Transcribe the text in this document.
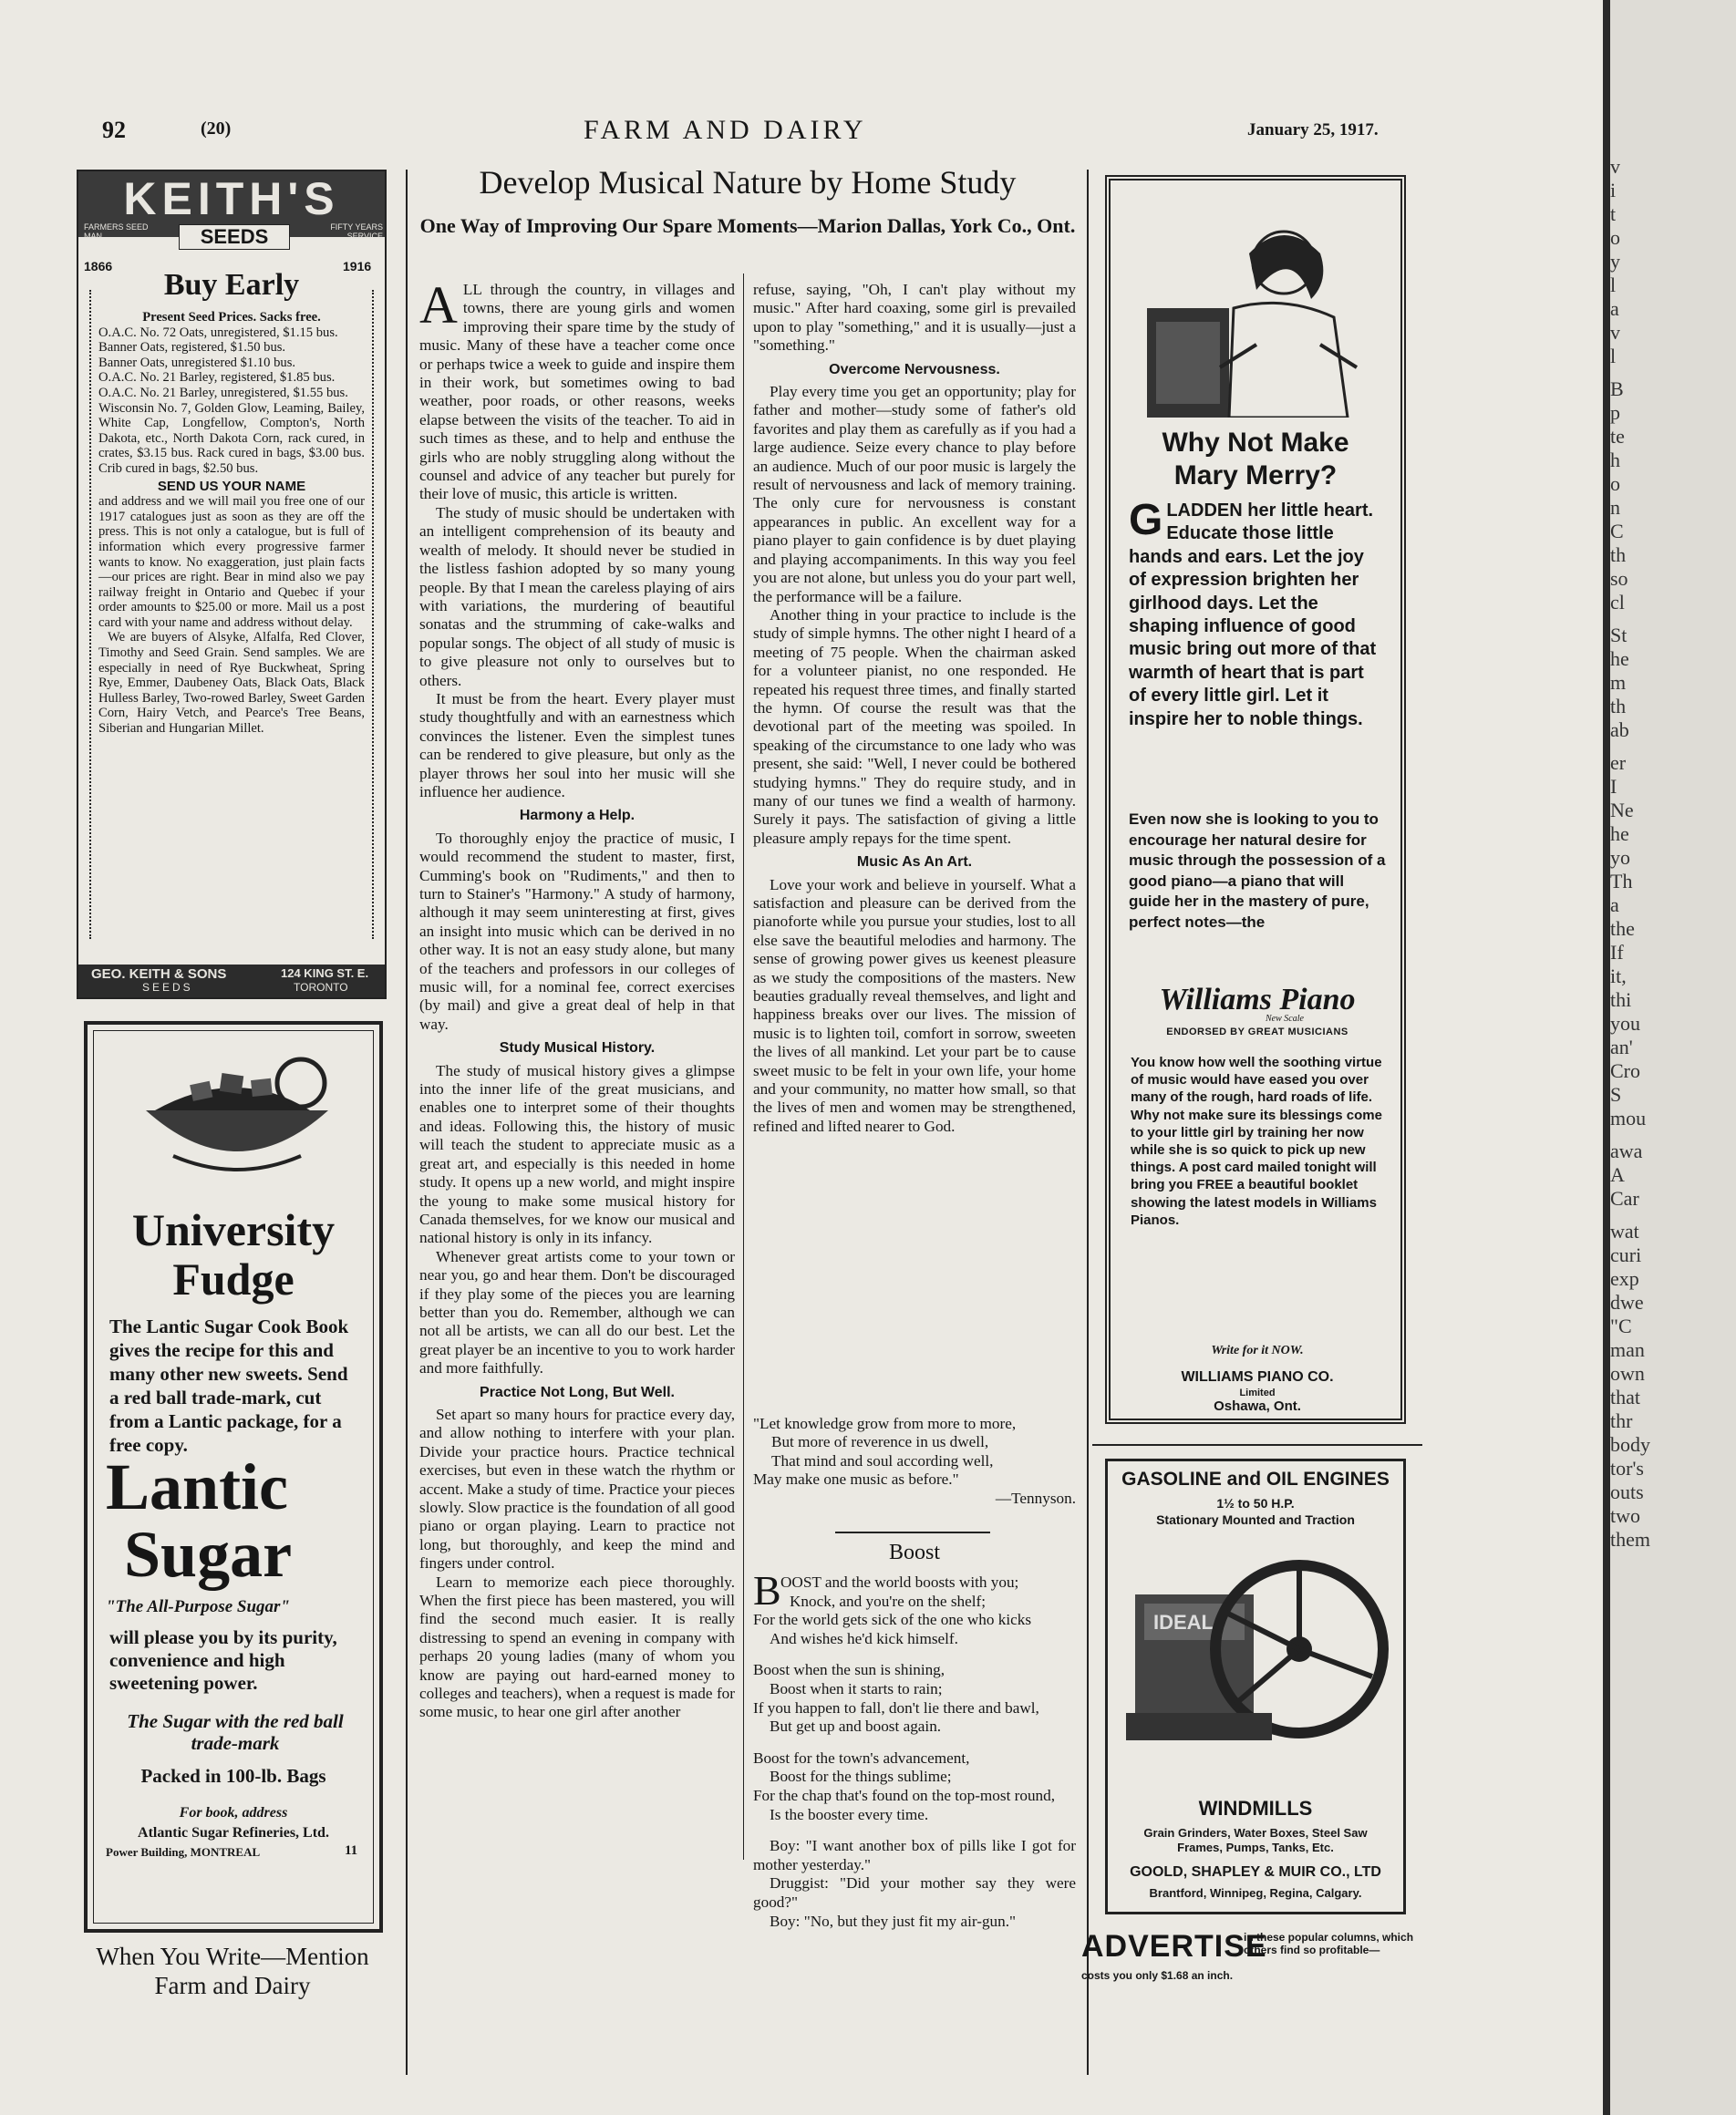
92	(20)	FARM AND DAIRY	January 25, 1917.
KEITH'S
FARMERS SEED MAN
FIFTY YEARS SERVICE
SEEDS
1866	1916
Buy Early
Present Seed Prices. Sacks free.
O.A.C. No. 72 Oats, unregistered, $1.15 bus.
Banner Oats, registered, $1.50 bus.
Banner Oats, unregistered $1.10 bus.
O.A.C. No. 21 Barley, registered, $1.85 bus.
O.A.C. No. 21 Barley, unregistered, $1.55 bus.
Wisconsin No. 7, Golden Glow, Leaming, Bailey, White Cap, Longfellow, Compton's, North Dakota, etc., North Dakota Corn, rack cured, in crates, $3.15 bus. Rack cured in bags, $3.00 bus. Crib cured in bags, $2.50 bus.
SEND US YOUR NAME
and address and we will mail you free one of our 1917 catalogues just as soon as they are off the press. This is not only a catalogue, but is full of information which every progressive farmer wants to know. No exaggeration, just plain facts—our prices are right. Bear in mind also we pay railway freight in Ontario and Quebec if your order amounts to $25.00 or more. Mail us a post card with your name and address without delay.
We are buyers of Alsyke, Alfalfa, Red Clover, Timothy and Seed Grain. Send samples. We are especially in need of Rye Buckwheat, Spring Rye, Emmer, Daubeney Oats, Black Oats, Black Hulless Barley, Two-rowed Barley, Sweet Garden Corn, Hairy Vetch, and Pearce's Tree Beans, Siberian and Hungarian Millet.
GEO. KEITH & SONS
SEEDS
124 KING ST. E.
TORONTO
University
Fudge
The Lantic Sugar Cook Book gives the recipe for this and many other new sweets. Send a red ball trade-mark, cut from a Lantic package, for a free copy.
Lantic
Sugar
"The All-Purpose Sugar"
will please you by its purity, convenience and high sweetening power.
The Sugar with the red ball trade-mark
Packed in 100-lb. Bags
For book, address
Atlantic Sugar Refineries, Ltd.
Power Building, MONTREAL	11
When You Write—Mention
Farm and Dairy
Develop Musical Nature by Home Study
One Way of Improving Our Spare Moments—Marion Dallas, York Co., Ont.

ALL through the country, in villages and towns, there are young girls and women improving their spare time by the study of music. Many of these have a teacher come once or perhaps twice a week to guide and inspire them in their work, but sometimes owing to bad weather, poor roads, or other reasons, weeks elapse between the visits of the teacher. To aid in such times as these, and to help and enthuse the girls who are nobly struggling along without the counsel and advice of any teacher but purely for their love of music, this article is written.

The study of music should be undertaken with an intelligent comprehension of its beauty and wealth of melody. It should never be studied in the listless fashion adopted by so many young people. By that I mean the careless playing of airs with variations, the murdering of beautiful sonatas and the strumming of cake-walks and popular songs. The object of all study of music is to give pleasure not only to ourselves but to others.

It must be from the heart. Every player must study thoughtfully and with an earnestness which convinces the listener. Even the simplest tunes can be rendered to give pleasure, but only as the player throws her soul into her music will she influence her audience.

Harmony a Help.

To thoroughly enjoy the practice of music, I would recommend the student to master, first, Cumming's book on "Rudiments," and then to turn to Stainer's "Harmony." A study of harmony, although it may seem uninteresting at first, gives an insight into music which can be derived in no other way. It is not an easy study alone, but many of the teachers and professors in our colleges of music will, for a nominal fee, correct exercises (by mail) and give a great deal of help in that way.

Study Musical History.

The study of musical history gives a glimpse into the inner life of the great musicians, and enables one to interpret some of their thoughts and ideas. Following this, the history of music will teach the student to appreciate music as a great art, and especially is this needed in home study. It opens up a new world, and might inspire the young to make some musical history for Canada themselves, for we know our musical and national history is only in its infancy.

Whenever great artists come to your town or near you, go and hear them. Don't be discouraged if they play some of the pieces you are learning better than you do. Remember, although we can not all be artists, we can all do our best. Let the great player be an incentive to you to work harder and more faithfully.

Practice Not Long, But Well.

Set apart so many hours for practice every day, and allow nothing to interfere with your plan. Divide your practice hours. Practice technical exercises, but even in these watch the rhythm or accent. Make a study of time. Practice your pieces slowly. Slow practice is the foundation of all good piano or organ playing. Learn to practice not long, but thoroughly, and keep the mind and fingers under control.

Learn to memorize each piece thoroughly. When the first piece has been mastered, you will find the second much easier. It is really distressing to spend an evening in company with perhaps 20 young ladies (many of whom you know are paying out hard-earned money to colleges and teachers), when a request is made for some music, to hear one girl after another

refuse, saying, "Oh, I can't play without my music." After hard coaxing, some girl is prevailed upon to play "something," and it is usually—just a "something."

Overcome Nervousness.

Play every time you get an opportunity; play for father and mother—study some of father's old favorites and play them as carefully as if you had a large audience. Seize every chance to play before an audience. Much of our poor music is largely the result of nervousness and lack of memory training. The only cure for nervousness is constant appearances in public. An excellent way for a piano player to gain confidence is by duet playing and playing accompaniments. In this way you feel you are not alone, but unless you do your part well, the performance will be a failure.

Another thing in your practice to include is the study of simple hymns. The other night I heard of a meeting of 75 people. When the chairman asked for a volunteer pianist, no one responded. He repeated his request three times, and finally started the hymn. Of course the result was that the devotional part of the meeting was spoiled. In speaking of the circumstance to one lady who was present, she said: "Well, I never could be bothered studying hymns." They do require study, and in many of our tunes we find a wealth of harmony. Surely it pays. The satisfaction of giving a little pleasure amply repays for the time spent.

Music As An Art.

Love your work and believe in yourself. What a satisfaction and pleasure can be derived from the pianoforte while you pursue your studies, lost to all else save the beautiful melodies and harmony. The sense of growing power gives us keenest pleasure as we study the compositions of the masters. New beauties gradually reveal themselves, and light and happiness breaks over our lives. The mission of music is to lighten toil, comfort in sorrow, sweeten the lives of all mankind. Let your part be to cause sweet music to be felt in your own life, your home and your community, no matter how small, so that the lives of men and women may be strengthened, refined and lifted nearer to God.

"Let knowledge grow from more to more,
But more of reverence in us dwell,
That mind and soul according well,
May make one music as before."
—Tennyson.
Boost
B OOST and the world boosts with you;
Knock, and you're on the shelf;
For the world gets sick of the one who kicks
And wishes he'd kick himself.
Boost when the sun is shining,
Boost when it starts to rain;
If you happen to fall, don't lie there and bawl,
But get up and boost again.
Boost for the town's advancement,
Boost for the things sublime;
For the chap that's found on the top-most round,
Is the booster every time.
Boy: "I want another box of pills like I got for mother yesterday."
Druggist: "Did your mother say they were good?"
Boy: "No, but they just fit my air-gun."
Why Not Make Mary Merry?
GLADDEN her little heart. Educate those little hands and ears. Let the joy of expression brighten her girlhood days. Let the shaping influence of good music bring out more of that warmth of heart that is part of every little girl. Let it inspire her to noble things.
Even now she is looking to you to encourage her natural desire for music through the possession of a good piano—a piano that will guide her in the mastery of pure, perfect notes—the
Williams Piano
New Scale
ENDORSED BY GREAT MUSICIANS
You know how well the soothing virtue of music would have eased you over many of the rough, hard roads of life. Why not make sure its blessings come to your little girl by training her now while she is so quick to pick up new things. A post card mailed tonight will bring you FREE a beautiful booklet showing the latest models in Williams Pianos.
Write for it NOW.
WILLIAMS PIANO CO.
Limited
Oshawa, Ont.
GASOLINE and OIL ENGINES
1½ to 50 H.P.
Stationary Mounted and Traction
IDEAL
WINDMILLS
Grain Grinders, Water Boxes, Steel Saw Frames, Pumps, Tanks, Etc.
GOOLD, SHAPLEY & MUIR CO., LTD
Brantford, Winnipeg, Regina, Calgary.
ADVERTISE
in these popular columns, which others find so profitable—
costs you only $1.68 an inch.
v
i
t
o
y
l
a
v
l
B
p
te
h
o
n
C
th
so
cl
St
he
m
th
ab
er
I
Ne
he
yo
Th
a
the
If
it,
thi
you
an'
Cro
S
mou
awa
A
Car
wat
curi
exp
dwe
"C
man
own
that
thr
body
tor's
outs
two
them
